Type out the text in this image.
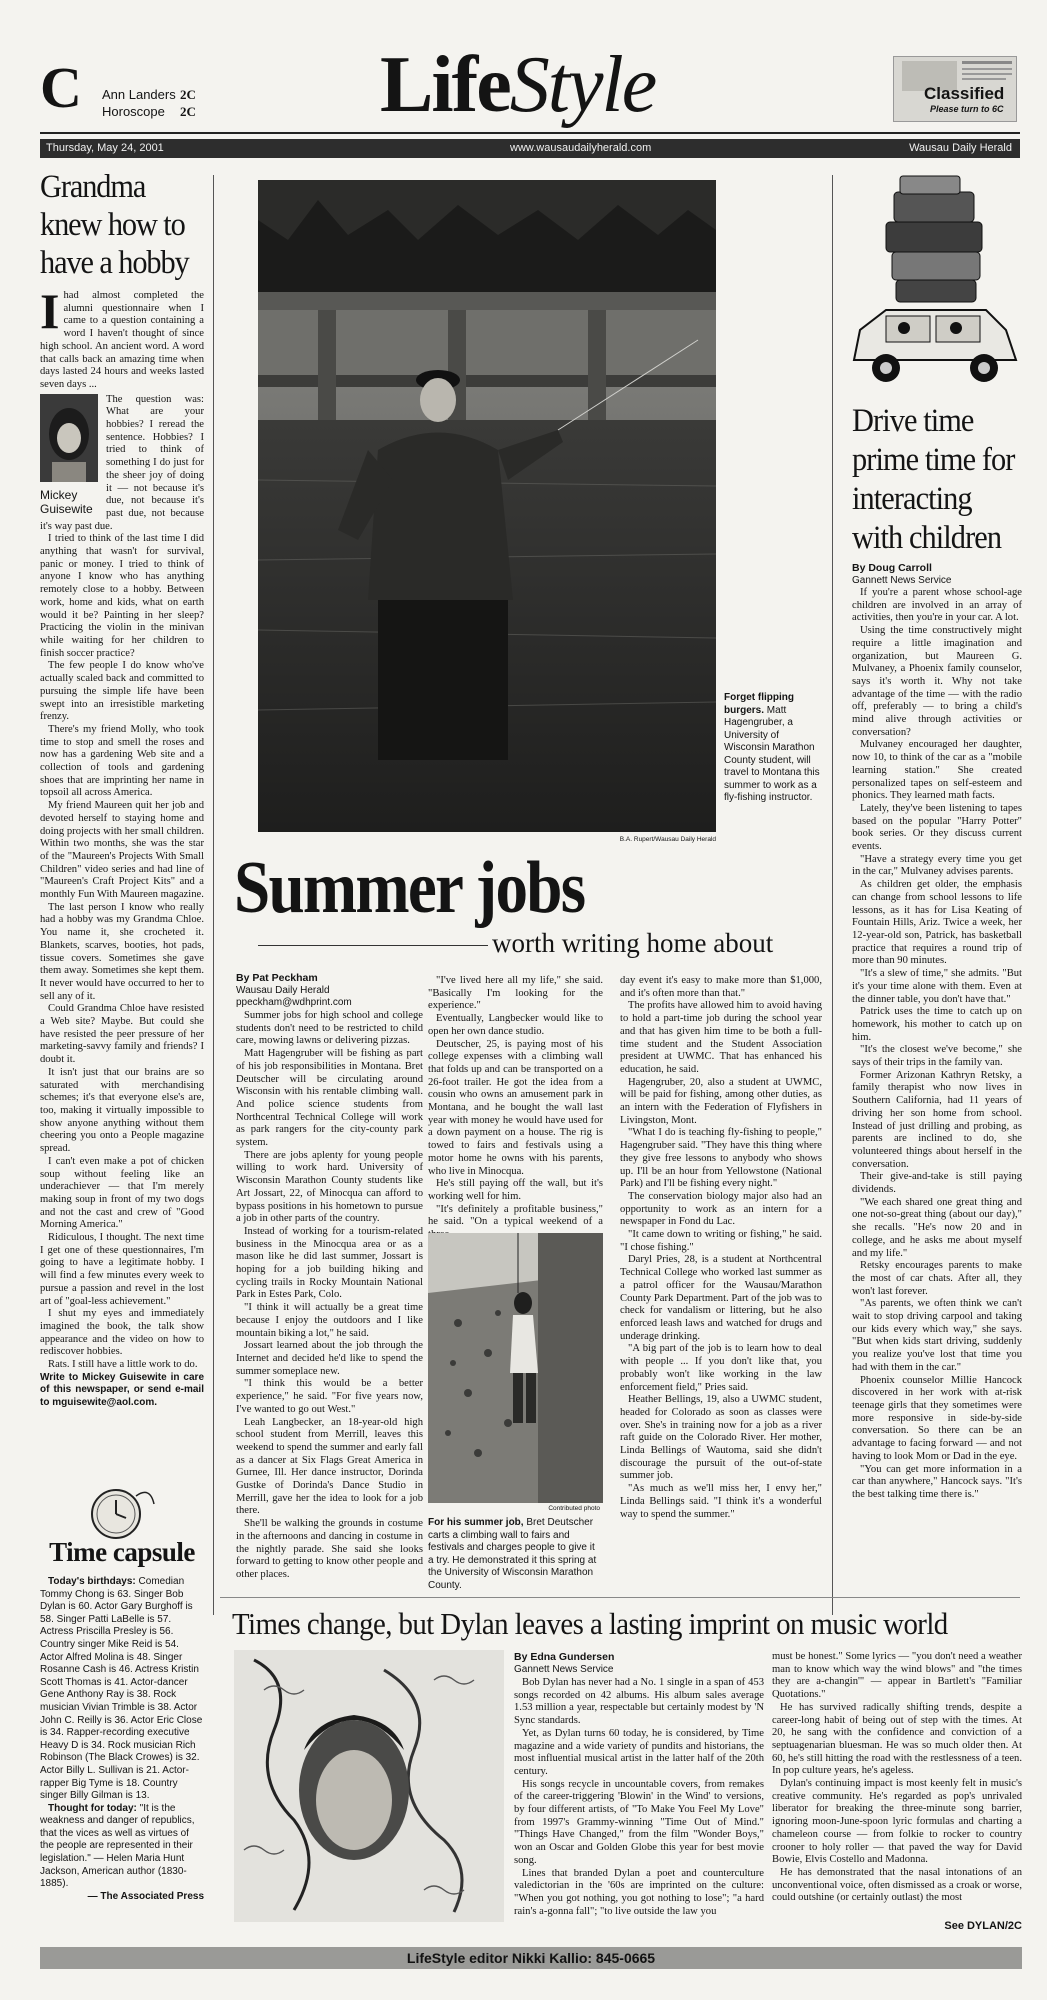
C Ann Landers 2C
Horoscope 2C LifeStyle	Classified
Please turn to 6C
Thursday, May 24, 2001	www.wausaudailyherald.com	Wausau Daily Herald
Grandma knew how to have a hobby
I had almost completed the alumni questionnaire when I came to a question containing a word I haven't thought of since high school. An ancient word. A word that calls back an amazing time when days lasted 24 hours and weeks lasted seven days ...
Mickey Guisewite
The question was: What are your hobbies? I reread the sentence. Hobbies? I tried to think of something I do just for the sheer joy of doing it — not because it's due, not because it's past due, not because it's way past due.

I tried to think of the last time I did anything that wasn't for survival, panic or money. I tried to think of anyone I know who has anything remotely close to a hobby. Between work, home and kids, what on earth would it be? Painting in her sleep? Practicing the violin in the minivan while waiting for her children to finish soccer practice?

The few people I do know who've actually scaled back and committed to pursuing the simple life have been swept into an irresistible marketing frenzy.

There's my friend Molly, who took time to stop and smell the roses and now has a gardening Web site and a collection of tools and gardening shoes that are imprinting her name in topsoil all across America.

My friend Maureen quit her job and devoted herself to staying home and doing projects with her small children. Within two months, she was the star of the "Maureen's Projects With Small Children" video series and had line of "Maureen's Craft Project Kits" and a monthly Fun With Maureen magazine.

The last person I know who really had a hobby was my Grandma Chloe. You name it, she crocheted it. Blankets, scarves, booties, hot pads, tissue covers. Sometimes she gave them away. Sometimes she kept them. It never would have occurred to her to sell any of it.

Could Grandma Chloe have resisted a Web site? Maybe. But could she have resisted the peer pressure of her marketing-savvy family and friends? I doubt it.

It isn't just that our brains are so saturated with merchandising schemes; it's that everyone else's are, too, making it virtually impossible to show anyone anything without them cheering you onto a People magazine spread.

I can't even make a pot of chicken soup without feeling like an underachiever — that I'm merely making soup in front of my two dogs and not the cast and crew of "Good Morning America."

Ridiculous, I thought. The next time I get one of these questionnaires, I'm going to have a legitimate hobby. I will find a few minutes every week to pursue a passion and revel in the lost art of "goal-less achievement."

I shut my eyes and immediately imagined the book, the talk show appearance and the video on how to rediscover hobbies.

Rats. I still have a little work to do.

Write to Mickey Guisewite in care of this newspaper, or send e-mail to mguisewite@aol.com.

Time capsule
Today's birthdays: Comedian Tommy Chong is 63. Singer Bob Dylan is 60. Actor Gary Burghoff is 58. Singer Patti LaBelle is 57. Actress Priscilla Presley is 56. Country singer Mike Reid is 54. Actor Alfred Molina is 48. Singer Rosanne Cash is 46. Actress Kristin Scott Thomas is 41. Actor-dancer Gene Anthony Ray is 38. Rock musician Vivian Trimble is 38. Actor John C. Reilly is 36. Actor Eric Close is 34. Rapper-recording executive Heavy D is 34. Rock musician Rich Robinson (The Black Crowes) is 32. Actor Billy L. Sullivan is 21. Actor-rapper Big Tyme is 18. Country singer Billy Gilman is 13.
Thought for today: "It is the weakness and danger of republics, that the vices as well as virtues of the people are represented in their legislation." — Helen Maria Hunt Jackson, American author (1830-1885).
— The Associated Press
B.A. Rupert/Wausau Daily Herald
Forget flipping burgers. Matt Hagengruber, a University of Wisconsin Marathon County student, will travel to Montana this summer to work as a fly-fishing instructor.
Summer jobs
worth writing home about
By Pat Peckham
Wausau Daily Herald
ppeckham@wdhprint.com

Summer jobs for high school and college students don't need to be restricted to child care, mowing lawns or delivering pizzas.

Matt Hagengruber will be fishing as part of his job responsibilities in Montana. Bret Deutscher will be circulating around Wisconsin with his rentable climbing wall. And police science students from Northcentral Technical College will work as park rangers for the city-county park system.

There are jobs aplenty for young people willing to work hard. University of Wisconsin Marathon County students like Art Jossart, 22, of Minocqua can afford to bypass positions in his hometown to pursue a job in other parts of the country.

Instead of working for a tourism-related business in the Minocqua area or as a mason like he did last summer, Jossart is hoping for a job building hiking and cycling trails in Rocky Mountain National Park in Estes Park, Colo.

"I think it will actually be a great time because I enjoy the outdoors and I like mountain biking a lot," he said.

Jossart learned about the job through the Internet and decided he'd like to spend the summer someplace new.

"I think this would be a better experience," he said. "For five years now, I've wanted to go out West."

Leah Langbecker, an 18-year-old high school student from Merrill, leaves this weekend to spend the summer and early fall as a dancer at Six Flags Great America in Gurnee, Ill. Her dance instructor, Dorinda Gustke of Dorinda's Dance Studio in Merrill, gave her the idea to look for a job there.

She'll be walking the grounds in costume in the afternoons and dancing in costume in the nightly parade. She said she looks forward to getting to know other people and other places.

"I've lived here all my life," she said. "Basically I'm looking for the experience."

Eventually, Langbecker would like to open her own dance studio.

Deutscher, 25, is paying most of his college expenses with a climbing wall that folds up and can be transported on a 26-foot trailer. He got the idea from a cousin who owns an amusement park in Montana, and he bought the wall last year with money he would have used for a down payment on a house. The rig is towed to fairs and festivals using a motor home he owns with his parents, who live in Minocqua.

He's still paying off the wall, but it's working well for him.

"It's definitely a profitable business," he said. "On a typical weekend of a

Contributed photo
For his summer job, Bret Deutscher carts a climbing wall to fairs and festivals and charges people to give it a try. He demonstrated it this spring at the University of Wisconsin Marathon County.

day event it's easy to make more than $1,000, and it's often more than that."

The profits have allowed him to avoid having to hold a part-time job during the school year and that has given him time to be both a full-time student and the Student Association president at UWMC. That has enhanced his education, he said.

Hagengruber, 20, also a student at UWMC, will be paid for fishing, among other duties, as an intern with the Federation of Flyfishers in Livingston, Mont.

"What I do is teaching fly-fishing to people," Hagengruber said. "They have this thing where they give free lessons to anybody who shows up. I'll be an hour from Yellowstone (National Park) and I'll be fishing every night."

The conservation biology major also had an opportunity to work as an intern for a newspaper in Fond du Lac.

"It came down to writing or fishing," he said. "I chose fishing."

Daryl Pries, 28, is a student at Northcentral Technical College who worked last summer as a patrol officer for the Wausau/Marathon County Park Department. Part of the job was to check for vandalism or littering, but he also enforced leash laws and watched for drugs and underage drinking.

"A big part of the job is to learn how to deal with people ... If you don't like that, you probably won't like working in the law enforcement field," Pries said.

Heather Bellings, 19, also a UWMC student, headed for Colorado as soon as classes were over. She's in training now for a job as a river raft guide on the Colorado River. Her mother, Linda Bellings of Wautoma, said she didn't discourage the pursuit of the out-of-state summer job.

"As much as we'll miss her, I envy her," Linda Bellings said. "I think it's a wonderful way to spend the summer."

Drive time prime time for interacting with children
By Doug Carroll
Gannett News Service

If you're a parent whose school-age children are involved in an array of activities, then you're in your car. A lot.

Using the time constructively might require a little imagination and organization, but Maureen G. Mulvaney, a Phoenix family counselor, says it's worth it. Why not take advantage of the time — with the radio off, preferably — to bring a child's mind alive through activities or conversation?

Mulvaney encouraged her daughter, now 10, to think of the car as a "mobile learning station." She created personalized tapes on self-esteem and phonics. They learned math facts.

Lately, they've been listening to tapes based on the popular "Harry Potter" book series. Or they discuss current events.

"Have a strategy every time you get in the car," Mulvaney advises parents.

As children get older, the emphasis can change from school lessons to life lessons, as it has for Lisa Keating of Fountain Hills, Ariz. Twice a week, her 12-year-old son, Patrick, has basketball practice that requires a round trip of more than 90 minutes.

"It's a slew of time," she admits. "But it's your time alone with them. Even at the dinner table, you don't have that."

Patrick uses the time to catch up on homework, his mother to catch up on him.

"It's the closest we've become," she says of their trips in the family van.

Former Arizonan Kathryn Retsky, a family therapist who now lives in Southern California, had 11 years of driving her son home from school. Instead of just drilling and probing, as parents are inclined to do, she volunteered things about herself in the conversation.

Their give-and-take is still paying dividends.

"We each shared one great thing and one not-so-great thing (about our day)," she recalls. "He's now 20 and in college, and he asks me about myself and my life."

Retsky encourages parents to make the most of car chats. After all, they won't last forever.

"As parents, we often think we can't wait to stop driving carpool and taking our kids every which way," she says. "But when kids start driving, suddenly you realize you've lost that time you had with them in the car."

Phoenix counselor Millie Hancock discovered in her work with at-risk teenage girls that they sometimes were more responsive in side-by-side conversation. So there can be an advantage to facing forward — and not having to look Mom or Dad in the eye.

"You can get more information in a car than anywhere," Hancock says. "It's the best talking time there is."

Times change, but Dylan leaves a lasting imprint on music world
By Edna Gundersen
Gannett News Service

Bob Dylan has never had a No. 1 single in a span of 453 songs recorded on 42 albums. His album sales average 1.53 million a year, respectable but certainly modest by 'N Sync standards.

Yet, as Dylan turns 60 today, he is considered, by Time magazine and a wide variety of pundits and historians, the most influential musical artist in the latter half of the 20th century.

His songs recycle in uncountable covers, from remakes of the career-triggering 'Blowin' in the Wind' to versions, by four different artists, of "To Make You Feel My Love" from 1997's Grammy-winning "Time Out of Mind." "Things Have Changed," from the film "Wonder Boys," won an Oscar and Golden Globe this year for best movie song.

Lines that branded Dylan a poet and counterculture valedictorian in the '60s are imprinted on the culture: "When you got nothing, you got nothing to lose"; "a hard rain's a-gonna fall"; "to live outside the law you

must be honest." Some lyrics — "you don't need a weather man to know which way the wind blows" and "the times they are a-changin'" — appear in Bartlett's "Familiar Quotations."

He has survived radically shifting trends, despite a career-long habit of being out of step with the times. At 20, he sang with the confidence and conviction of a septuagenarian bluesman. He was so much older then. At 60, he's still hitting the road with the restlessness of a teen. In pop culture years, he's ageless.

Dylan's continuing impact is most keenly felt in music's creative community. He's regarded as pop's unrivaled liberator for breaking the three-minute song barrier, ignoring moon-June-spoon lyric formulas and charting a chameleon course — from folkie to rocker to country crooner to holy roller — that paved the way for David Bowie, Elvis Costello and Madonna.

He has demonstrated that the nasal intonations of an unconventional voice, often dismissed as a croak or worse, could outshine (or certainly outlast) the most

See DYLAN/2C
LifeStyle editor Nikki Kallio: 845-0665
